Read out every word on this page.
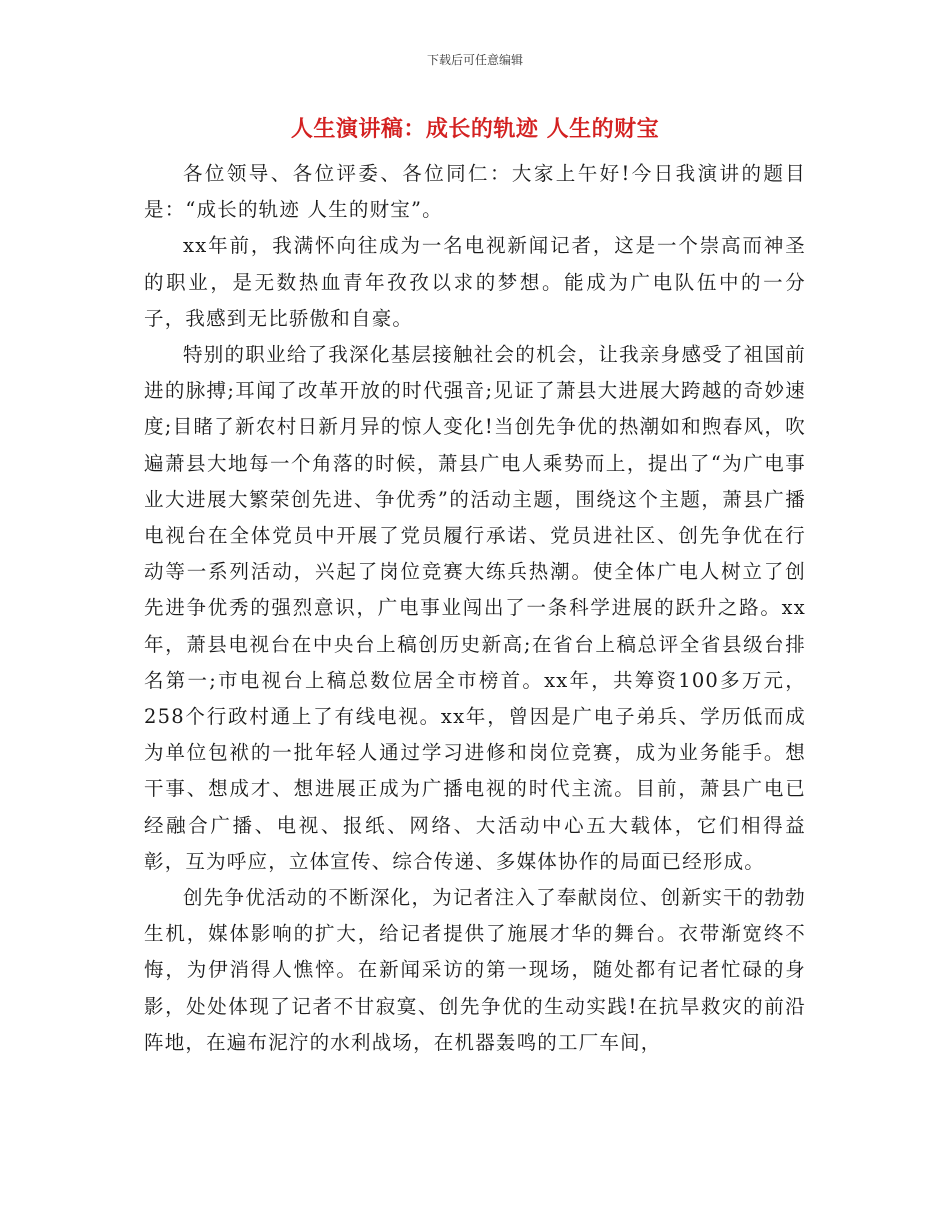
下载后可任意编辑
人生演讲稿：成长的轨迹 人生的财宝

各位领导、各位评委、各位同仁：大家上午好!今日我演讲的题目是：“成长的轨迹 人生的财宝”。

xx年前，我满怀向往成为一名电视新闻记者，这是一个崇高而神圣的职业，是无数热血青年孜孜以求的梦想。能成为广电队伍中的一分子，我感到无比骄傲和自豪。

特别的职业给了我深化基层接触社会的机会，让我亲身感受了祖国前进的脉搏;耳闻了改革开放的时代强音;见证了萧县大进展大跨越的奇妙速度;目睹了新农村日新月异的惊人变化!当创先争优的热潮如和煦春风，吹遍萧县大地每一个角落的时候，萧县广电人乘势而上，提出了“为广电事业大进展大繁荣创先进、争优秀”的活动主题，围绕这个主题，萧县广播电视台在全体党员中开展了党员履行承诺、党员进社区、创先争优在行动等一系列活动，兴起了岗位竞赛大练兵热潮。使全体广电人树立了创先进争优秀的强烈意识，广电事业闯出了一条科学进展的跃升之路。xx年，萧县电视台在中央台上稿创历史新高;在省台上稿总评全省县级台排名第一;市电视台上稿总数位居全市榜首。xx年，共筹资100多万元，258个行政村通上了有线电视。xx年，曾因是广电子弟兵、学历低而成为单位包袱的一批年轻人通过学习进修和岗位竞赛，成为业务能手。想干事、想成才、想进展正成为广播电视的时代主流。目前，萧县广电已经融合广播、电视、报纸、网络、大活动中心五大载体，它们相得益彰，互为呼应，立体宣传、综合传递、多媒体协作的局面已经形成。

创先争优活动的不断深化，为记者注入了奉献岗位、创新实干的勃勃生机，媒体影响的扩大，给记者提供了施展才华的舞台。衣带渐宽终不悔，为伊消得人憔悴。在新闻采访的第一现场，随处都有记者忙碌的身影，处处体现了记者不甘寂寞、创先争优的生动实践!在抗旱救灾的前沿阵地，在遍布泥泞的水利战场，在机器轰鸣的工厂车间，
